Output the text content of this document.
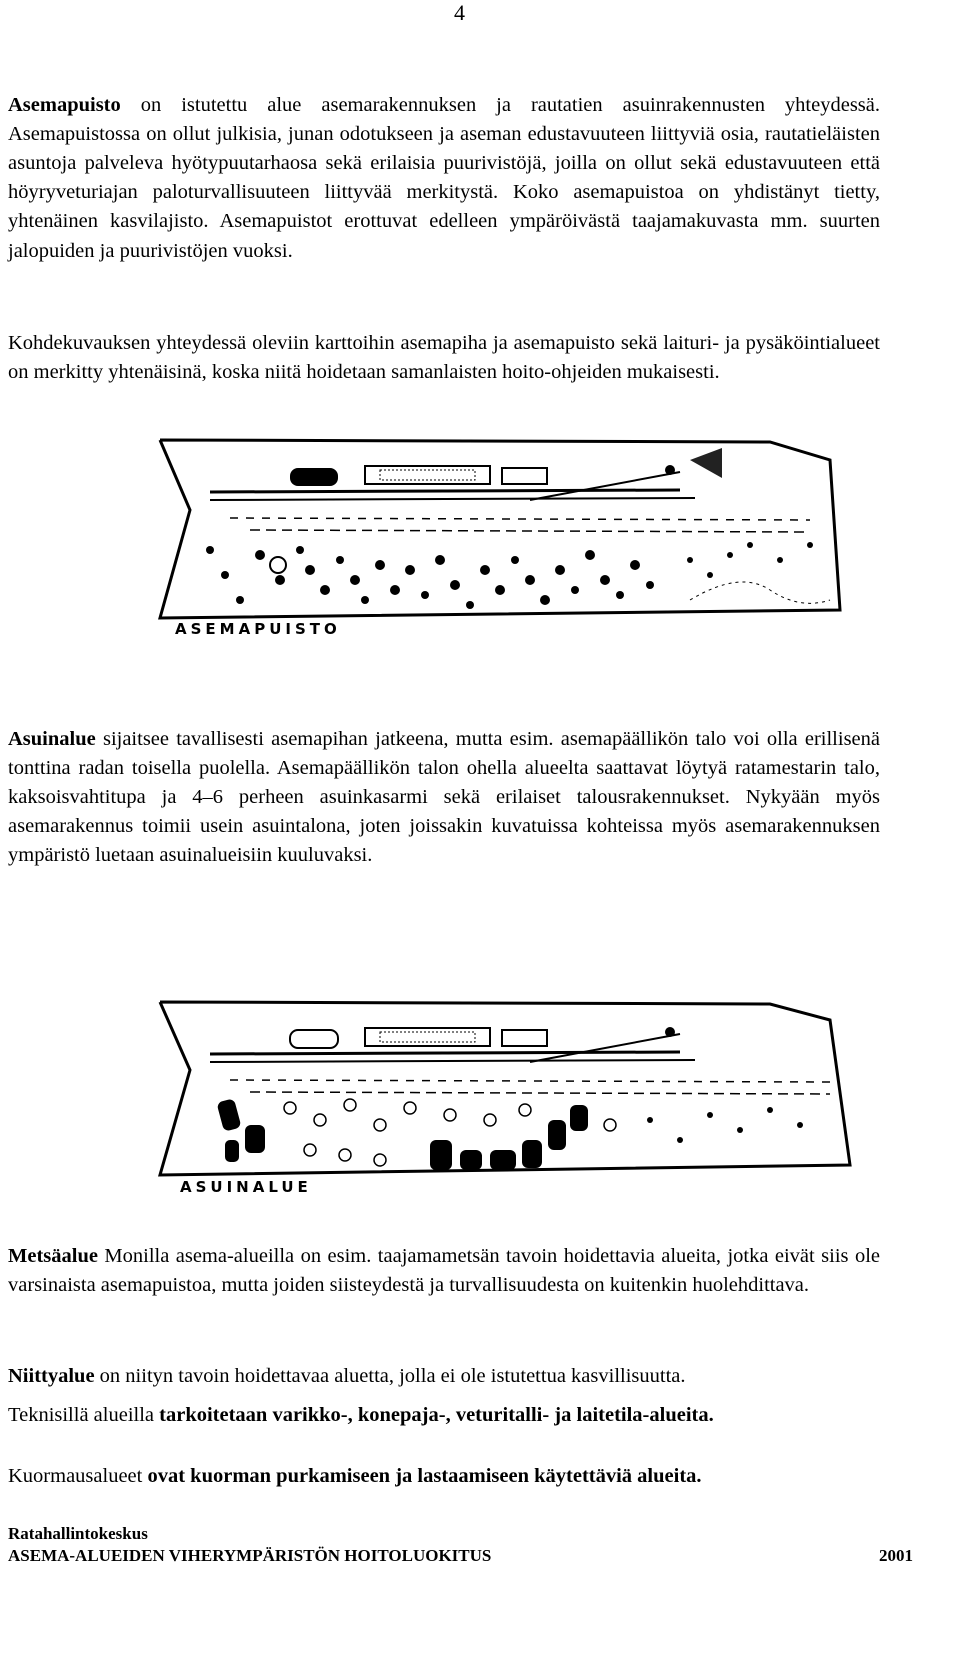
4

Asemapuisto on istutettu alue asemarakennuksen ja rautatien asuinrakennusten yhteydessä. Asemapuistossa on ollut julkisia, junan odotukseen ja aseman edustavuuteen liittyviä osia, rautatieläisten asuntoja palveleva hyötypuutarhaosa sekä erilaisia puurivistöjä, joilla on ollut sekä edustavuuteen että höyryveturiajan paloturvallisuuteen liittyvää merkitystä. Koko asemapuistoa on yhdistänyt tietty, yhtenäinen kasvilajisto. Asemapuistot erottuvat edelleen ympäröivästä taajamakuvasta mm. suurten jalopuiden ja puurivistöjen vuoksi.

Kohdekuvauksen yhteydessä oleviin karttoihin asemapiha ja asemapuisto sekä laituri- ja pysäköintialueet on merkitty yhtenäisinä, koska niitä hoidetaan samanlaisten hoito-ohjeiden mukaisesti.

ASEMAPUISTO

Asuinalue sijaitsee tavallisesti asemapihan jatkeena, mutta esim. asemapäällikön talo voi olla erillisenä tonttina radan toisella puolella. Asemapäällikön talon ohella alueelta saattavat löytyä ratamestarin talo, kaksoisvahtitupa ja 4–6 perheen asuinkasarmi sekä erilaiset talousrakennukset. Nykyään myös asemarakennus toimii usein asuintalona, joten joissakin kuvatuissa kohteissa myös asemarakennuksen ympäristö luetaan asuinalueisiin kuuluvaksi.

ASUINALUE

Metsäalue Monilla asema-alueilla on esim. taajamametsän tavoin hoidettavia alueita, jotka eivät siis ole varsinaista asemapuistoa, mutta joiden siisteydestä ja turvallisuudesta on kuitenkin huolehdittava.

Niittyalue on niityn tavoin hoidettavaa aluetta, jolla ei ole istutettua kasvillisuutta.

Teknisillä alueilla tarkoitetaan varikko-, konepaja-, veturitalli- ja laitetila-alueita.

Kuormausalueet ovat kuorman purkamiseen ja lastaamiseen käytettäviä alueita.

Ratahallintokeskus
ASEMA-ALUEIDEN VIHERYMPÄRISTÖN HOITOLUOKITUS	2001
